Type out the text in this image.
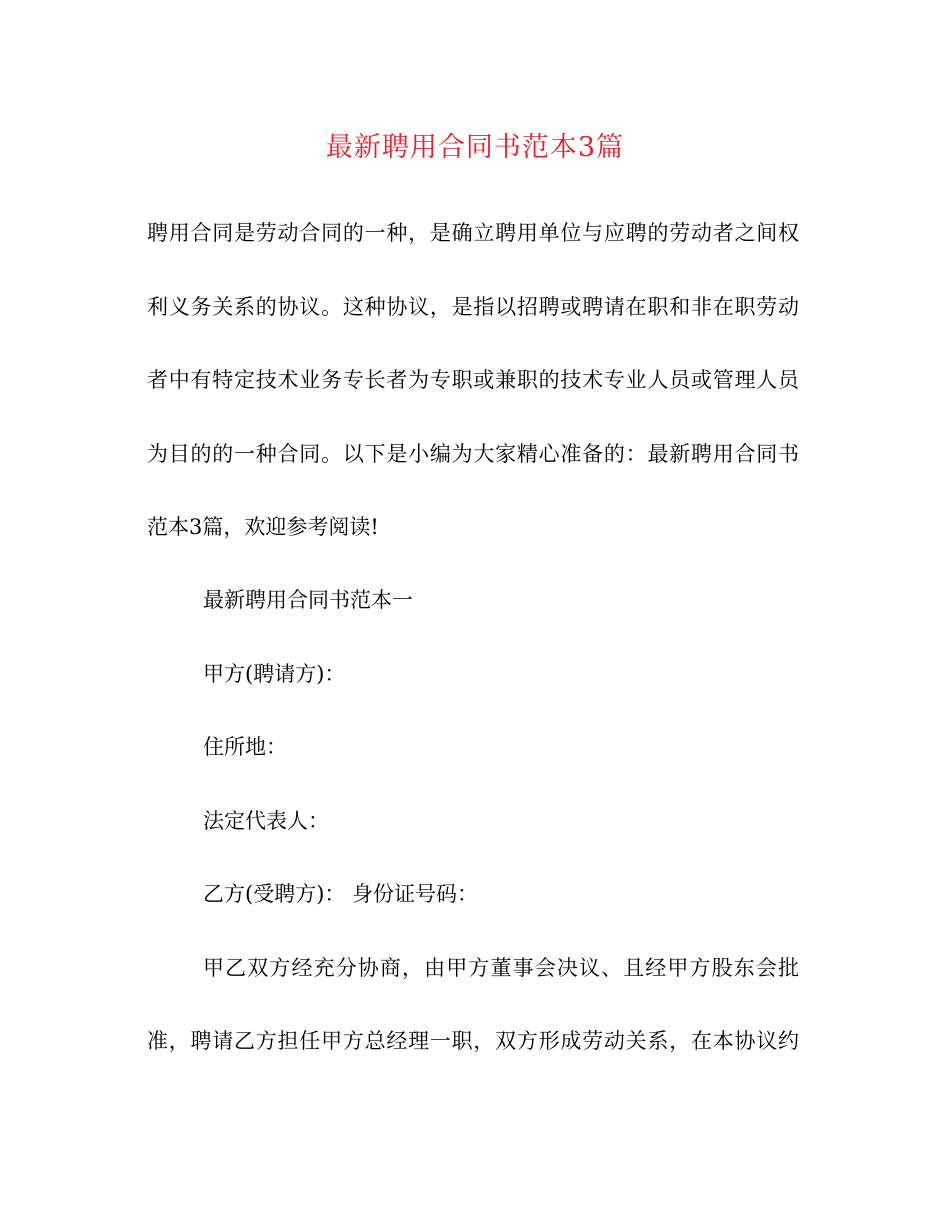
最新聘用合同书范本3篇
聘用合同是劳动合同的一种，是确立聘用单位与应聘的劳动者之间权
利义务关系的协议。这种协议，是指以招聘或聘请在职和非在职劳动
者中有特定技术业务专长者为专职或兼职的技术专业人员或管理人员
为目的的一种合同。以下是小编为大家精心准备的：最新聘用合同书
范本3篇，欢迎参考阅读!
最新聘用合同书范本一
甲方(聘请方)：
住所地：
法定代表人：
乙方(受聘方)： 身份证号码：
甲乙双方经充分协商，由甲方董事会决议、且经甲方股东会批
准，聘请乙方担任甲方总经理一职，双方形成劳动关系，在本协议约
